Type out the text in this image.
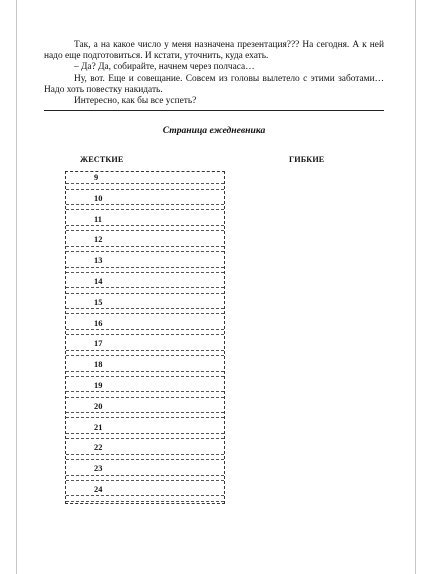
Так, а на какое число у меня назначена презентация??? На сегодня. А к ней надо еще подготовиться. И кстати, уточнить, куда ехать.

– Да? Да, собирайте, начнем через полчаса…

Ну, вот. Еще и совещание. Совсем из головы вылетело с этими заботами… Надо хоть повестку накидать.

Интересно, как бы все успеть?

Страница ежедневника
ЖЕСТКИЕ	ГИБКИЕ
9
10
11
12
13
14
15
16
17
18
19
20
21
22
23
24
